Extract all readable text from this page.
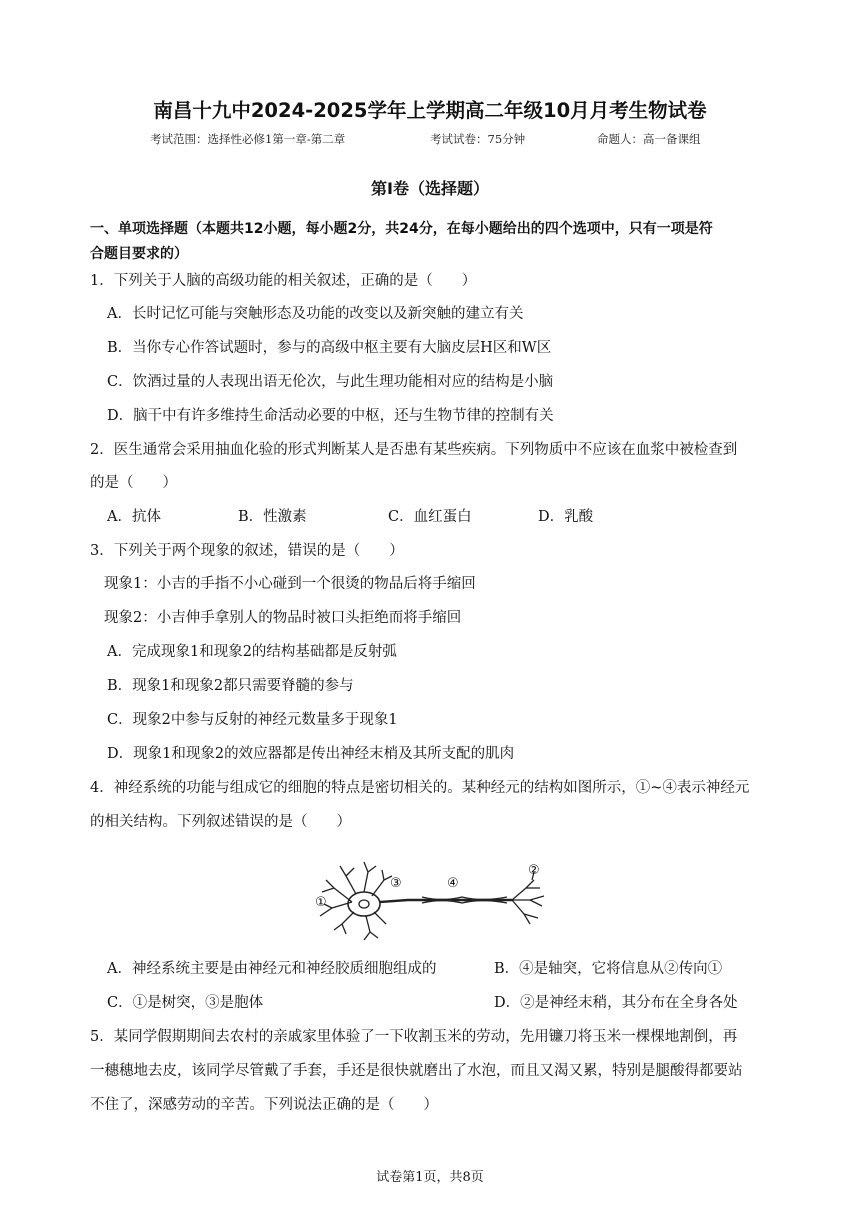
南昌十九中2024-2025学年上学期高二年级10月月考生物试卷
考试范围：选择性必修1第一章-第二章	考试试卷：75分钟	命题人：高一备课组
第Ⅰ卷（选择题）
一、单项选择题（本题共12小题，每小题2分，共24分，在每小题给出的四个选项中，只有一项是符
合题目要求的）
1．下列关于人脑的高级功能的相关叙述，正确的是（　　）
A．长时记忆可能与突触形态及功能的改变以及新突触的建立有关
B．当你专心作答试题时，参与的高级中枢主要有大脑皮层H区和W区
C．饮酒过量的人表现出语无伦次，与此生理功能相对应的结构是小脑
D．脑干中有许多维持生命活动必要的中枢，还与生物节律的控制有关
2．医生通常会采用抽血化验的形式判断某人是否患有某些疾病。下列物质中不应该在血浆中被检查到
的是（　　）
A．抗体	B．性激素	C．血红蛋白	D．乳酸
3．下列关于两个现象的叙述，错误的是（　　）
现象1：小吉的手指不小心碰到一个很烫的物品后将手缩回
现象2：小吉伸手拿别人的物品时被口头拒绝而将手缩回
A．完成现象1和现象2的结构基础都是反射弧
B．现象1和现象2都只需要脊髓的参与
C．现象2中参与反射的神经元数量多于现象1
D．现象1和现象2的效应器都是传出神经末梢及其所支配的肌肉
4．神经系统的功能与组成它的细胞的特点是密切相关的。某种经元的结构如图所示，①~④表示神经元
的相关结构。下列叙述错误的是（　　）
①
②
③	④
A．神经系统主要是由神经元和神经胶质细胞组成的	B．④是轴突，它将信息从②传向①
C．①是树突，③是胞体	D．②是神经末稍，其分布在全身各处
5．某同学假期期间去农村的亲戚家里体验了一下收割玉米的劳动，先用镰刀将玉米一棵棵地割倒，再
一穗穗地去皮，该同学尽管戴了手套，手还是很快就磨出了水泡，而且又渴又累，特别是腿酸得都要站
不住了，深感劳动的辛苦。下列说法正确的是（　　）
试卷第1页，共8页
